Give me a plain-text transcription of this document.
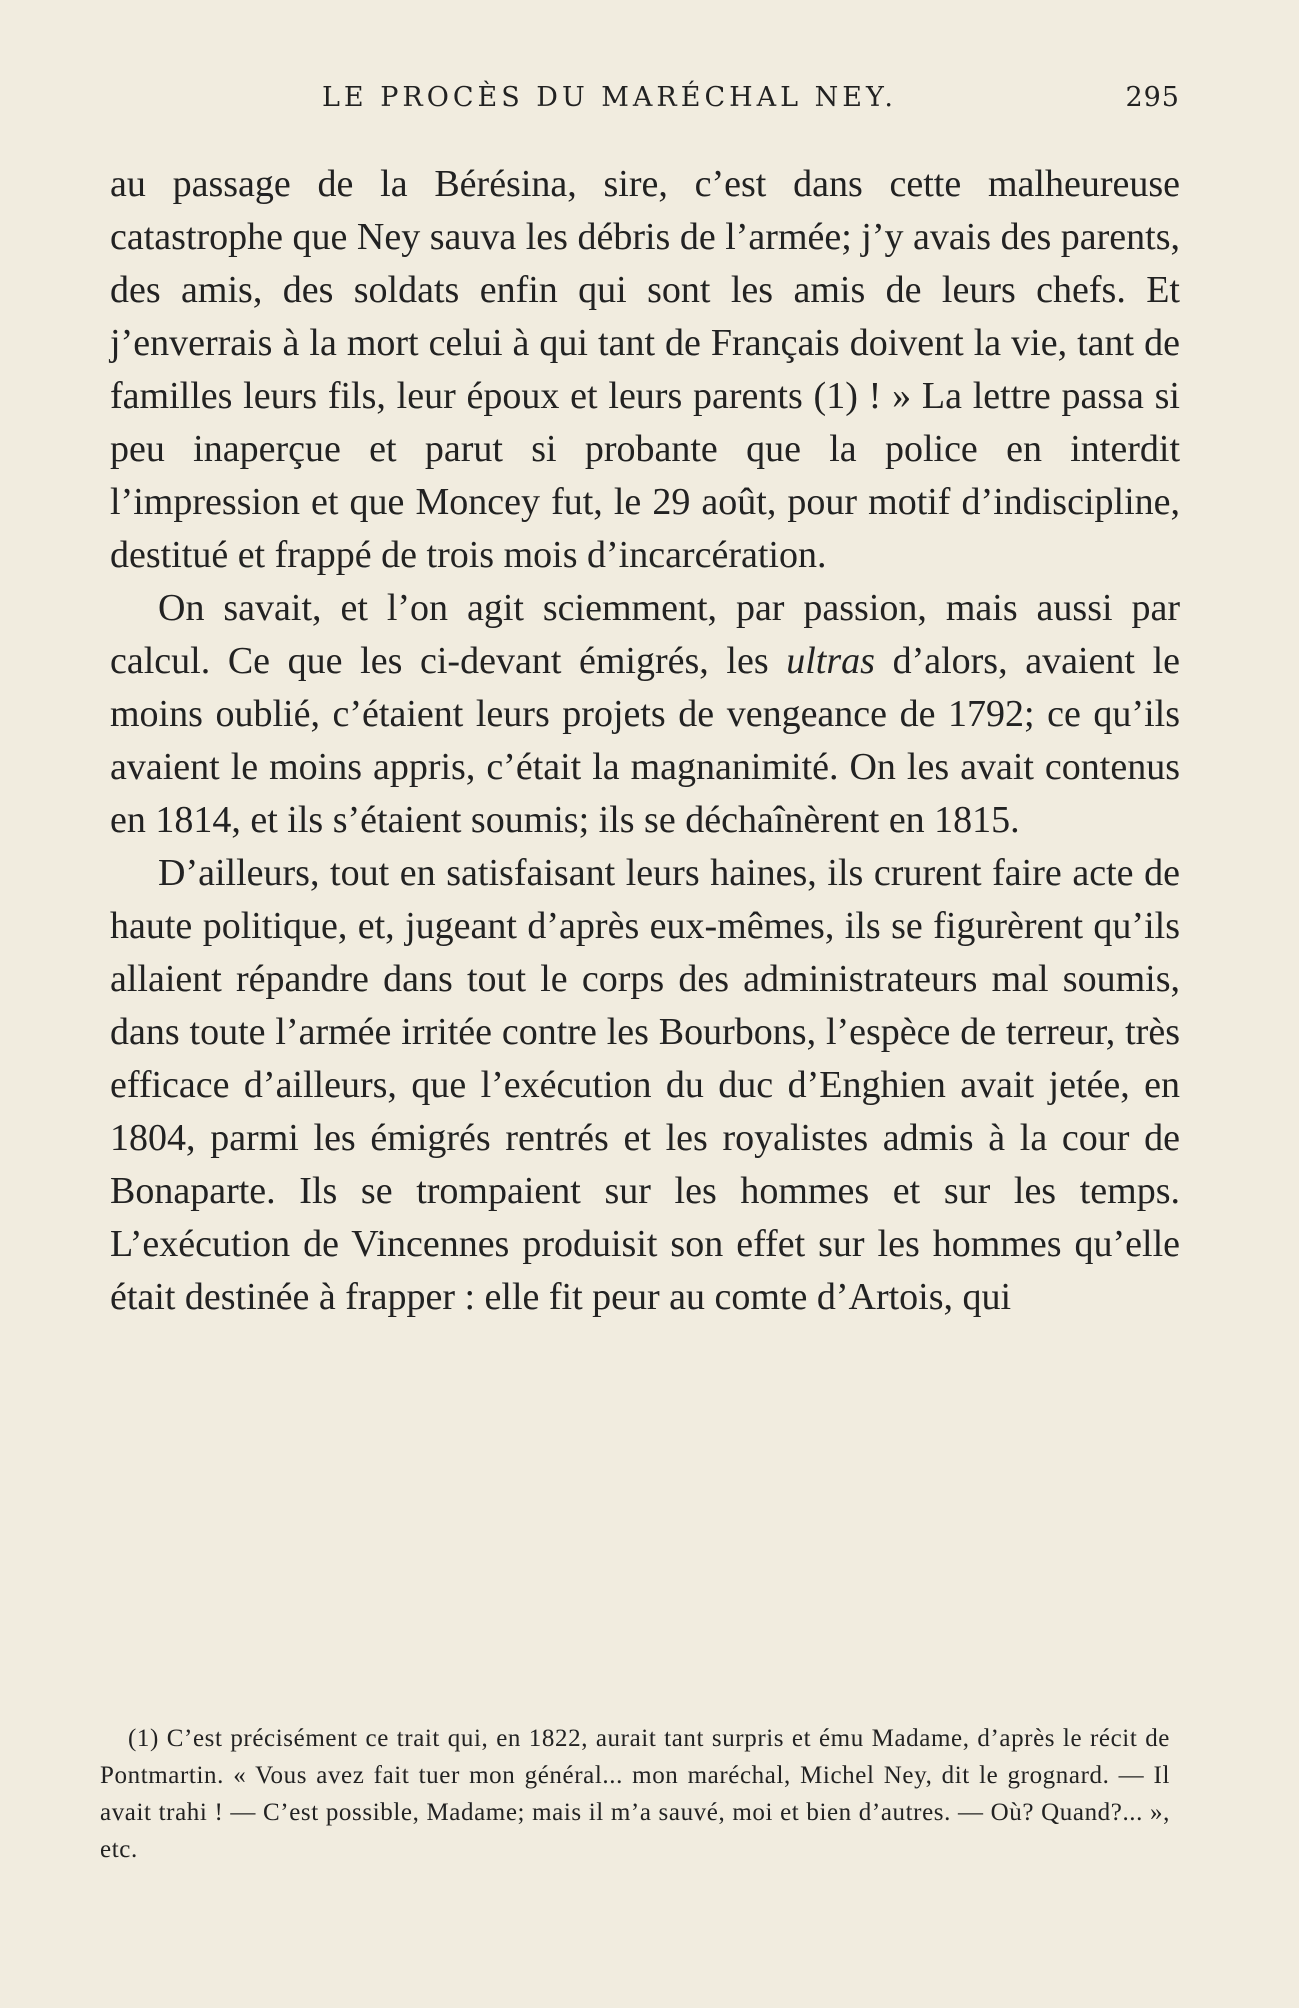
LE PROCÈS DU MARÉCHAL NEY.	295

au passage de la Bérésina, sire, c’est dans cette malheureuse catastrophe que Ney sauva les débris de l’armée; j’y avais des parents, des amis, des soldats enfin qui sont les amis de leurs chefs. Et j’enverrais à la mort celui à qui tant de Français doivent la vie, tant de familles leurs fils, leur époux et leurs parents (1) ! » La lettre passa si peu inaperçue et parut si probante que la police en interdit l’impression et que Moncey fut, le 29 août, pour motif d’indiscipline, destitué et frappé de trois mois d’incarcération.

On savait, et l’on agit sciemment, par passion, mais aussi par calcul. Ce que les ci-devant émigrés, les ultras d’alors, avaient le moins oublié, c’étaient leurs projets de vengeance de 1792; ce qu’ils avaient le moins appris, c’était la magnanimité. On les avait contenus en 1814, et ils s’étaient soumis; ils se déchaînèrent en 1815.

D’ailleurs, tout en satisfaisant leurs haines, ils crurent faire acte de haute politique, et, jugeant d’après eux-mêmes, ils se figurèrent qu’ils allaient répandre dans tout le corps des administrateurs mal soumis, dans toute l’armée irritée contre les Bourbons, l’espèce de terreur, très efficace d’ailleurs, que l’exécution du duc d’Enghien avait jetée, en 1804, parmi les émigrés rentrés et les royalistes admis à la cour de Bonaparte. Ils se trompaient sur les hommes et sur les temps. L’exécution de Vincennes produisit son effet sur les hommes qu’elle était destinée à frapper : elle fit peur au comte d’Artois, qui

(1) C’est précisément ce trait qui, en 1822, aurait tant surpris et ému Madame, d’après le récit de Pontmartin. « Vous avez fait tuer mon général... mon maréchal, Michel Ney, dit le grognard. — Il avait trahi ! — C’est possible, Madame; mais il m’a sauvé, moi et bien d’autres. — Où? Quand?... », etc.
